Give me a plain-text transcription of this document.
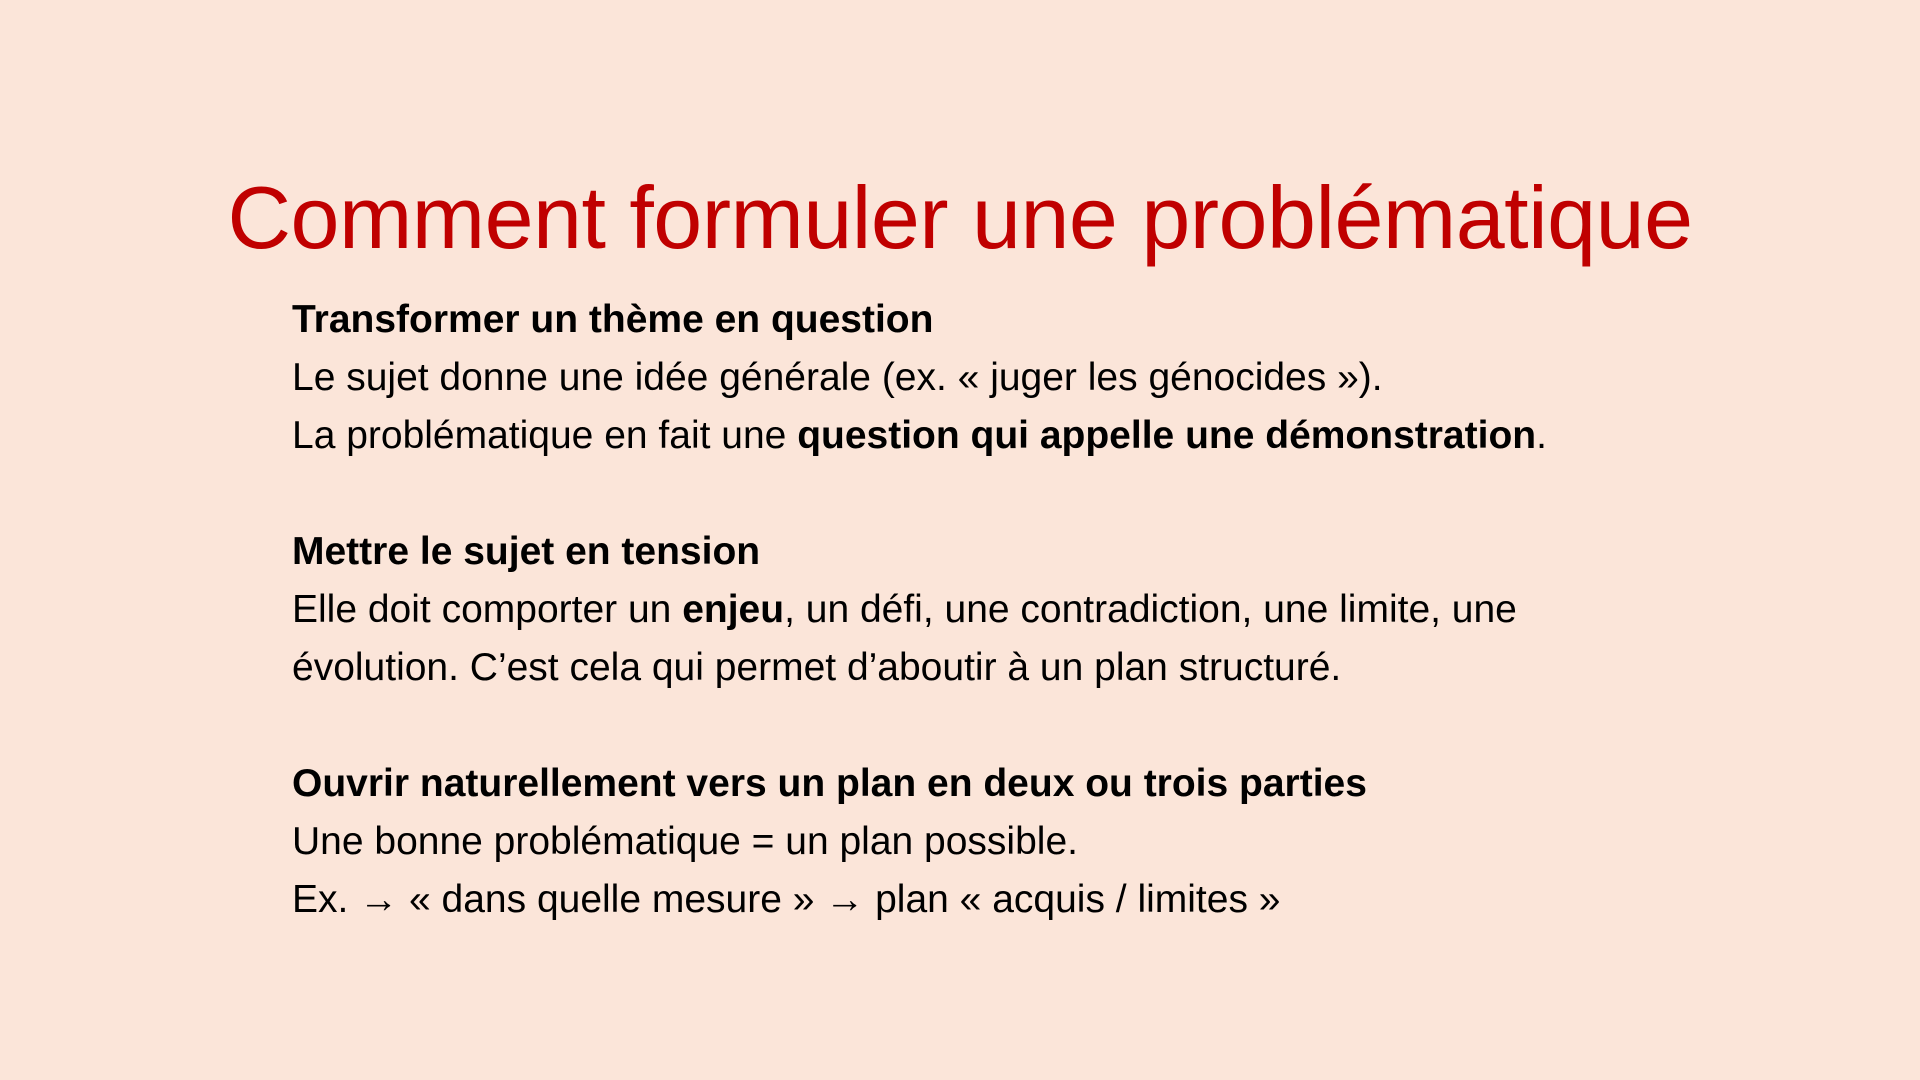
Comment formuler une problématique
Transformer un thème en question
Le sujet donne une idée générale (ex. « juger les génocides »).
La problématique en fait une question qui appelle une démonstration.
Mettre le sujet en tension
Elle doit comporter un enjeu, un défi, une contradiction, une limite, une
évolution. C’est cela qui permet d’aboutir à un plan structuré.
Ouvrir naturellement vers un plan en deux ou trois parties
Une bonne problématique = un plan possible.
Ex. → « dans quelle mesure » → plan « acquis / limites »
